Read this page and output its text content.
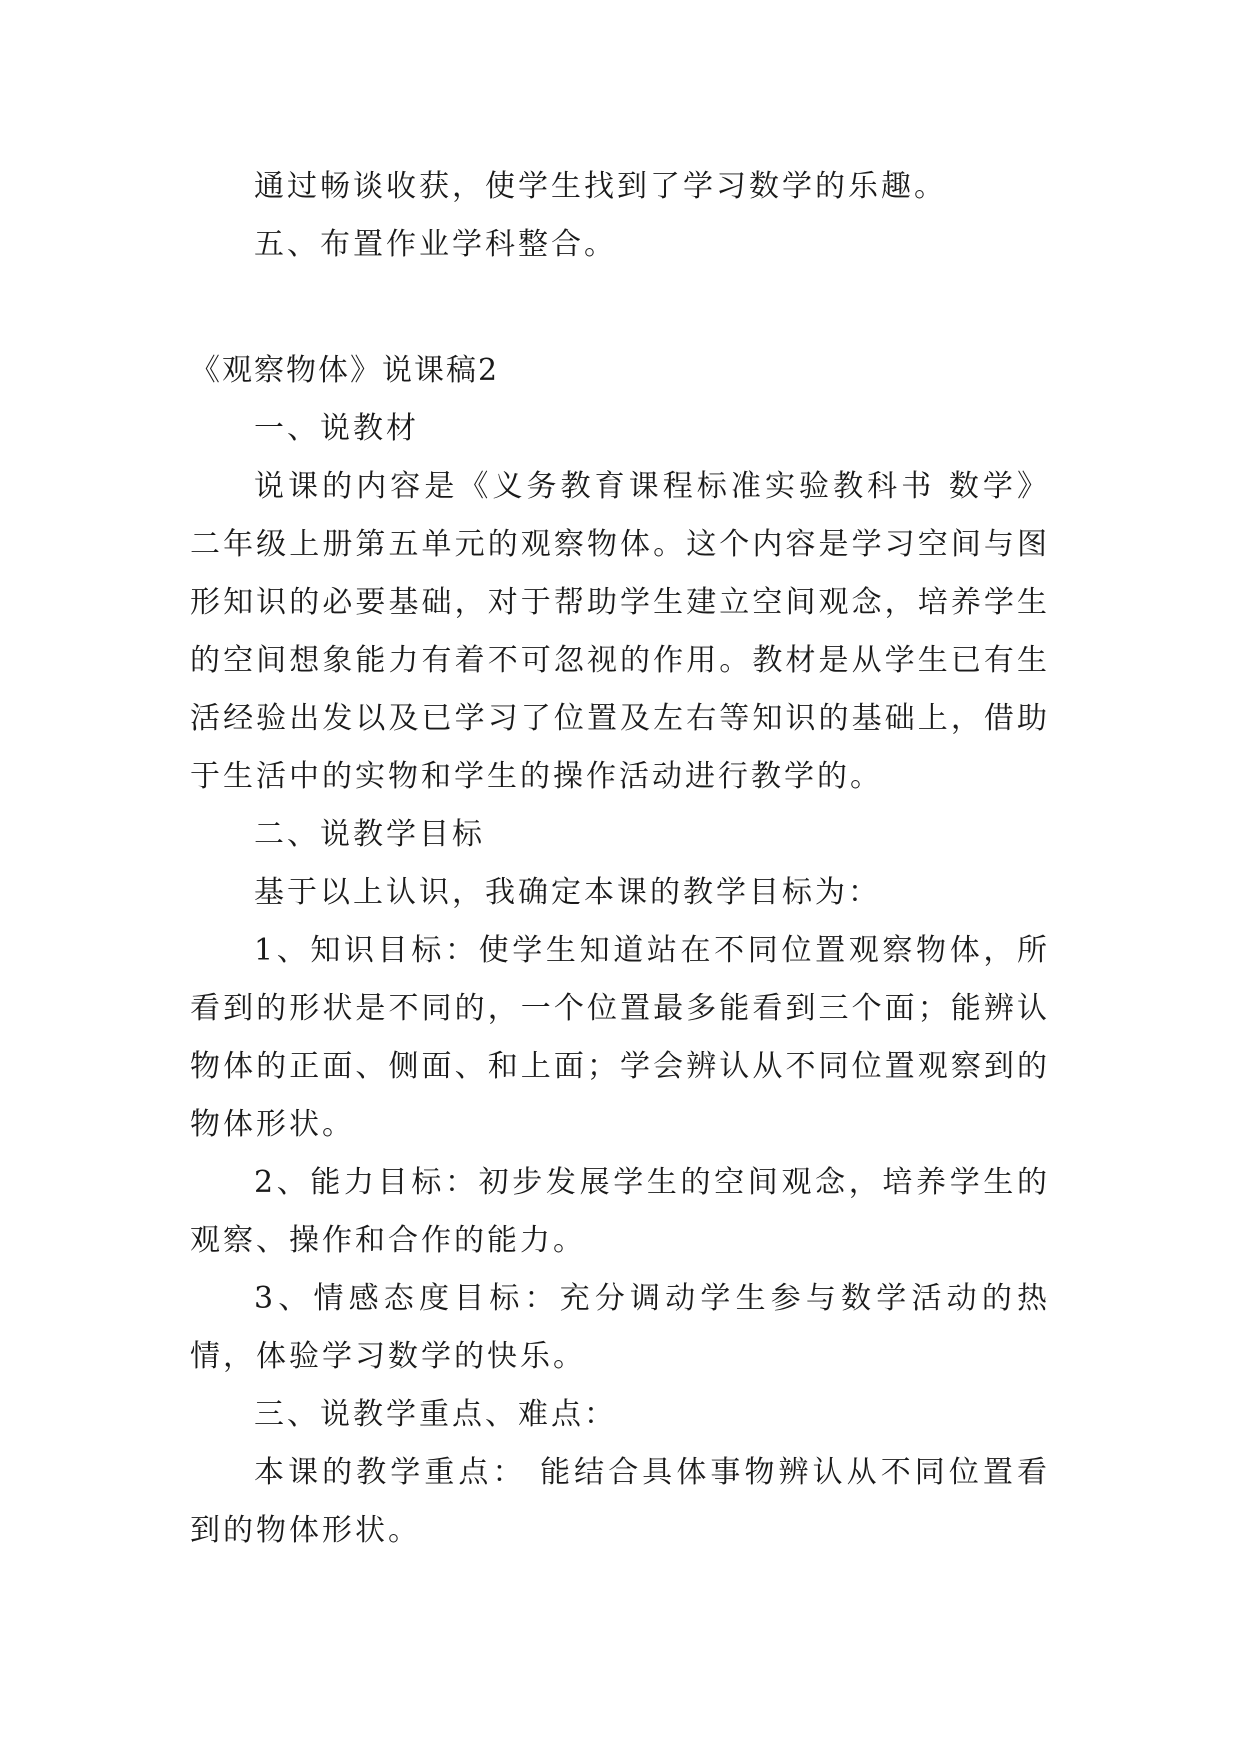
通过畅谈收获，使学生找到了学习数学的乐趣。

五、布置作业学科整合。

《观察物体》说课稿2

一、说教材

说课的内容是《义务教育课程标准实验教科书 数学》二年级上册第五单元的观察物体。这个内容是学习空间与图形知识的必要基础，对于帮助学生建立空间观念，培养学生的空间想象能力有着不可忽视的作用。教材是从学生已有生活经验出发以及已学习了位置及左右等知识的基础上，借助于生活中的实物和学生的操作活动进行教学的。

二、说教学目标

基于以上认识，我确定本课的教学目标为：

1、知识目标：使学生知道站在不同位置观察物体，所看到的形状是不同的，一个位置最多能看到三个面；能辨认物体的正面、侧面、和上面；学会辨认从不同位置观察到的物体形状。

2、能力目标：初步发展学生的空间观念，培养学生的观察、操作和合作的能力。

3、情感态度目标：充分调动学生参与数学活动的热情，体验学习数学的快乐。

三、说教学重点、难点：

本课的教学重点： 能结合具体事物辨认从不同位置看到的物体形状。
